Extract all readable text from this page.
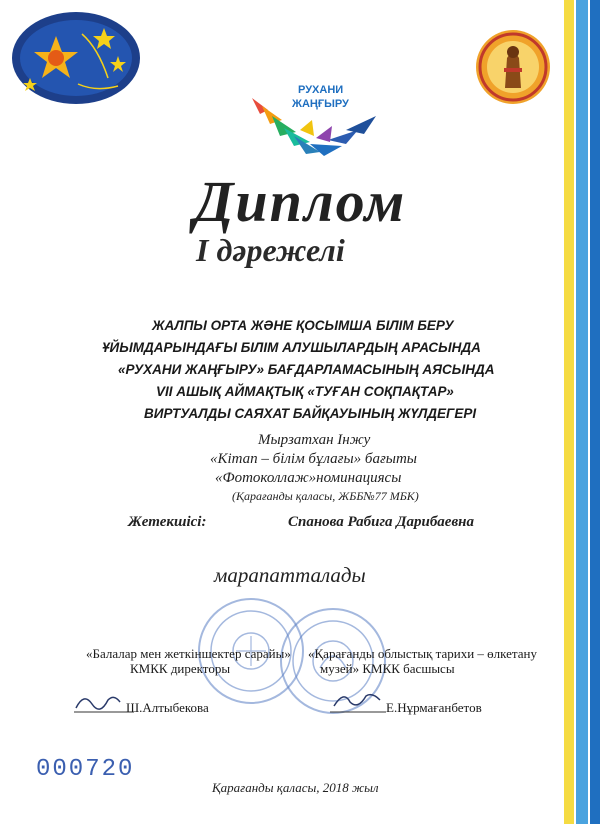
РУХАНИ
ЖАҢҒЫРУ
Диплом
І дәрежелі
ЖАЛПЫ ОРТА ЖӘНЕ ҚОСЫМША БІЛІМ БЕРУ
ҰЙЫМДАРЫНДАҒЫ БІЛІМ АЛУШЫЛАРДЫҢ АРАСЫНДА
«РУХАНИ ЖАҢҒЫРУ» БАҒДАРЛАМАСЫНЫҢ АЯСЫНДА
VII АШЫҚ АЙМАҚТЫҚ «ТУҒАН СОҚПАҚТАР»
ВИРТУАЛДЫ САЯХАТ БАЙҚАУЫНЫҢ ЖҮЛДЕГЕРІ
Мырзатхан Інжу
«Кітап – білім бұлағы» бағыты
«Фотоколлаж»номинациясы
(Қарағанды қаласы, ЖББ№77 МБК)
Жетекшісі:	Спанова Рабига Дарибаевна
марапатталады
«Балалар мен жеткіншектер сарайы»
КМКК директоры
Ш.Алтыбекова
«Қарағанды облыстық тарихи – өлкетану
музей» КМКК басшысы
Е.Нұрмағанбетов
000720
Қарағанды қаласы, 2018 жыл
